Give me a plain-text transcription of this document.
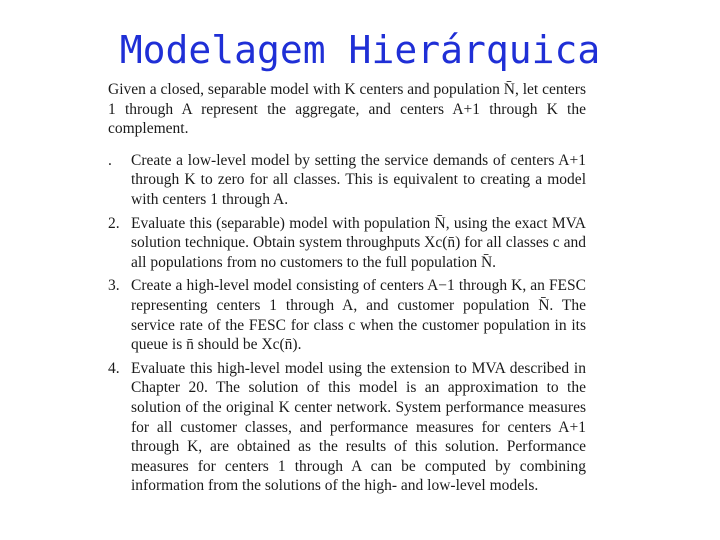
Modelagem Hierárquica

Given a closed, separable model with K centers and population N̄, let centers 1 through A represent the aggregate, and centers A+1 through K the complement.

. Create a low-level model by setting the service demands of centers A+1 through K to zero for all classes. This is equivalent to creating a model with centers 1 through A.
2. Evaluate this (separable) model with population N̄, using the exact MVA solution technique. Obtain system throughputs Xc(n̄) for all classes c and all populations from no customers to the full population N̄.
3. Create a high-level model consisting of centers A−1 through K, an FESC representing centers 1 through A, and customer population N̄. The service rate of the FESC for class c when the customer population in its queue is n̄ should be Xc(n̄).
4. Evaluate this high-level model using the extension to MVA described in Chapter 20. The solution of this model is an approximation to the solution of the original K center network. System performance measures for all customer classes, and performance measures for centers A+1 through K, are obtained as the results of this solution. Performance measures for centers 1 through A can be computed by combining information from the solutions of the high- and low-level models.
